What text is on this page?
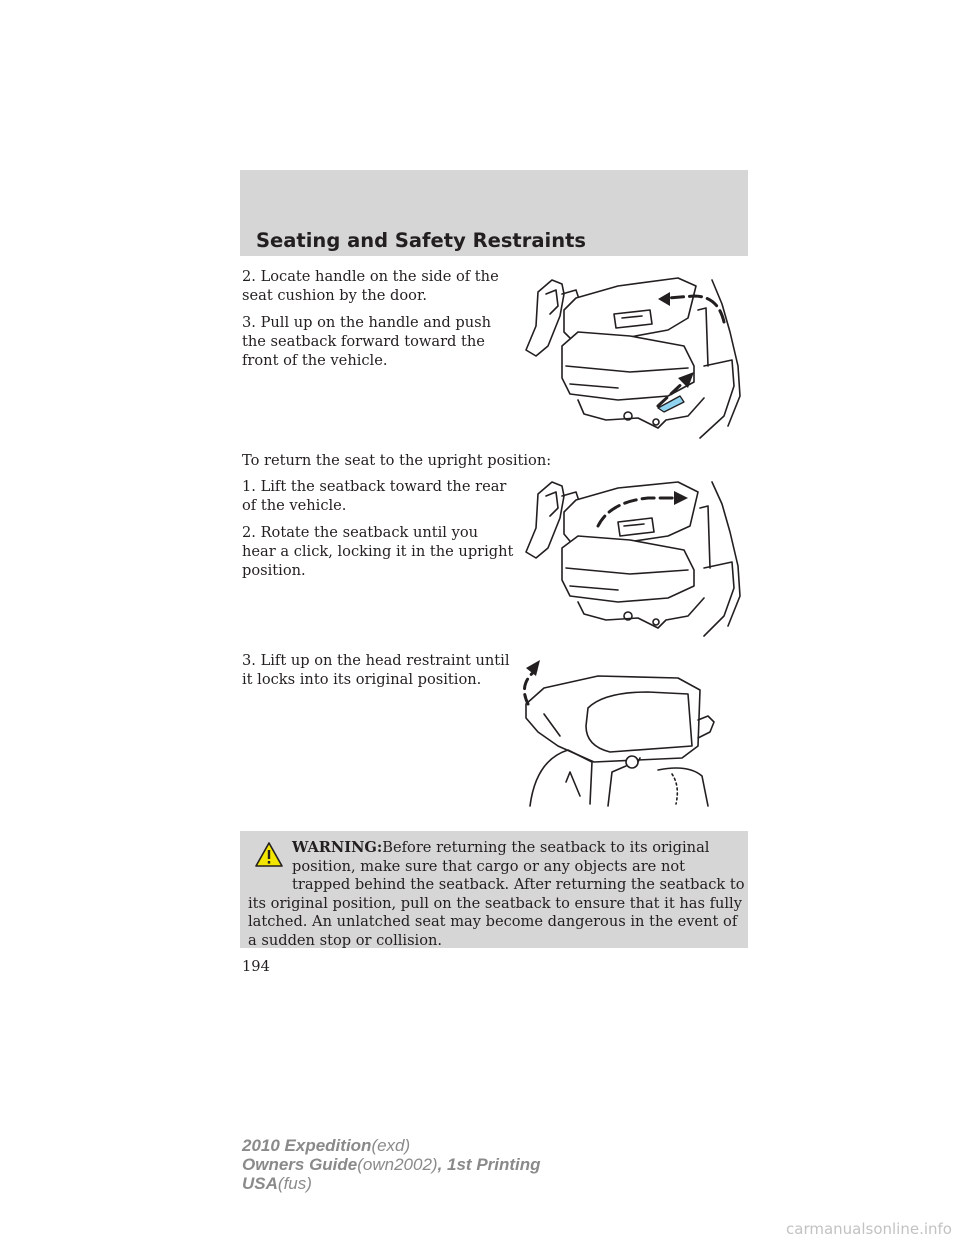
Seating and Safety Restraints

2. Locate handle on the side of the
seat cushion by the door.

3. Pull up on the handle and push
the seatback forward toward the
front of the vehicle.

To return the seat to the upright position:

1. Lift the seatback toward the rear
of the vehicle.

2. Rotate the seatback until you
hear a click, locking it in the upright
position.

3. Lift up on the head restraint until
it locks into its original position.

WARNING:Before returning the seatback to its original position, make sure that cargo or any objects are not trapped behind the seatback. After returning the seatback to its original position, pull on the seatback to ensure that it has fully latched. An unlatched seat may become dangerous in the event of a sudden stop or collision.

194

2010 Expedition(exd)
Owners Guide(own2002), 1st Printing
USA(fus)

carmanualsonline.info
